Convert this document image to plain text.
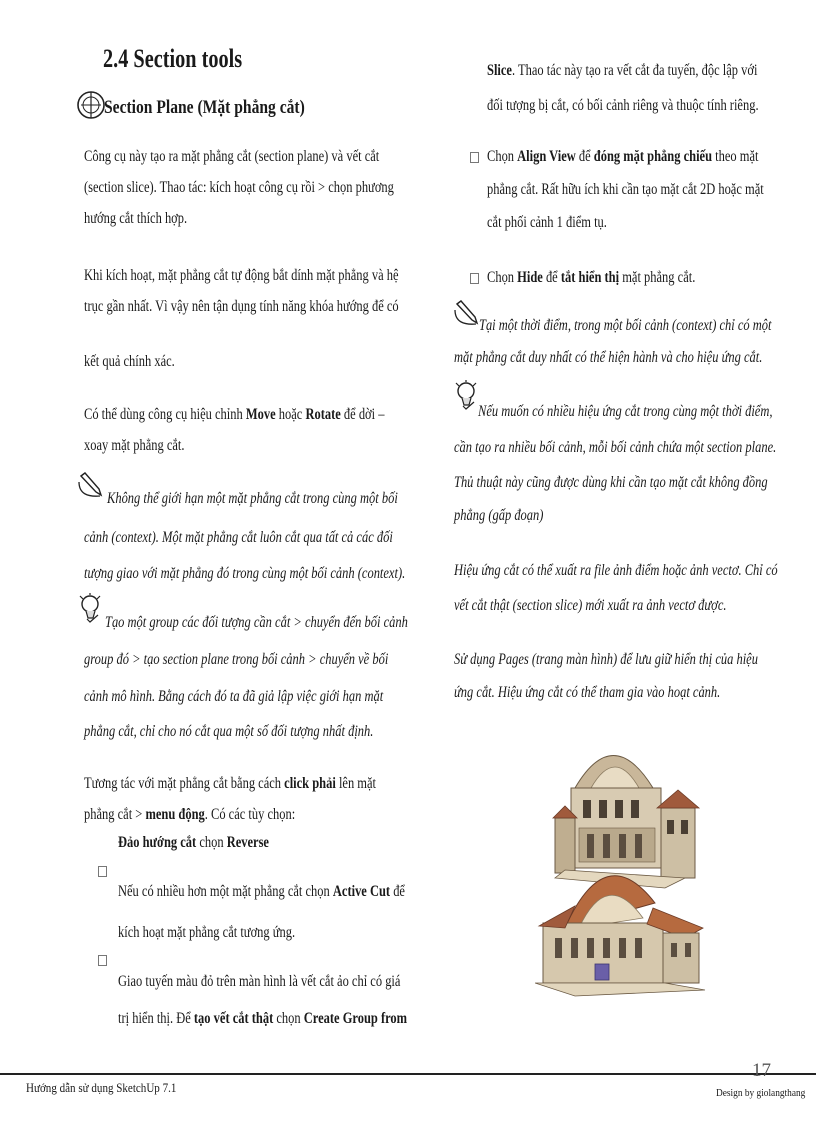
2.4 Section tools
Section Plane (Mặt phẳng cắt)
Công cụ này tạo ra mặt phẳng cắt (section plane) và vết cắt
(section slice). Thao tác: kích hoạt công cụ rồi > chọn phương
hướng cắt thích hợp.
Khi kích hoạt, mặt phẳng cắt tự động bắt dính mặt phẳng và hệ
trục gần nhất. Vì vậy nên tận dụng tính năng khóa hướng để có
kết quả chính xác.
Có thể dùng công cụ hiệu chỉnh Move hoặc Rotate để dời –
xoay mặt phẳng cắt.
Không thể giới hạn một mặt phẳng cắt trong cùng một bối
cảnh (context). Một mặt phẳng cắt luôn cắt qua tất cả các đối
tượng giao với mặt phẳng đó trong cùng một bối cảnh (context).
Tạo một group các đối tượng cần cắt > chuyển đến bối cảnh
group đó > tạo section plane trong bối cảnh > chuyển về bối
cảnh mô hình. Bằng cách đó ta đã giả lập việc giới hạn mặt
phẳng cắt, chỉ cho nó cắt qua một số đối tượng nhất định.
Tương tác với mặt phẳng cắt bằng cách click phải lên mặt
phẳng cắt > menu động. Có các tùy chọn:
Đảo hướng cắt chọn Reverse
Nếu có nhiều hơn một mặt phẳng cắt chọn Active Cut để
kích hoạt mặt phẳng cắt tương ứng.
Giao tuyến màu đỏ trên màn hình là vết cắt ảo chỉ có giá
trị hiển thị. Để tạo vết cắt thật chọn Create Group from
Slice. Thao tác này tạo ra vết cắt đa tuyến, độc lập với
đối tượng bị cắt, có bối cảnh riêng và thuộc tính riêng.
Chọn Align View để đóng mặt phẳng chiếu theo mặt
phẳng cắt. Rất hữu ích khi cần tạo mặt cắt 2D hoặc mặt
cắt phối cảnh 1 điểm tụ.
Chọn Hide để tắt hiển thị mặt phẳng cắt.
Tại một thời điểm, trong một bối cảnh (context) chỉ có một
mặt phẳng cắt duy nhất có thể hiện hành và cho hiệu ứng cắt.
Nếu muốn có nhiều hiệu ứng cắt trong cùng một thời điểm,
cần tạo ra nhiều bối cảnh, mỗi bối cảnh chứa một section plane.
Thủ thuật này cũng được dùng khi cần tạo mặt cắt không đồng
phẳng (gấp đoạn)
Hiệu ứng cắt có thể xuất ra file ảnh điểm hoặc ảnh vectơ. Chỉ có
vết cắt thật (section slice) mới xuất ra ảnh vectơ được.
Sử dụng Pages (trang màn hình) để lưu giữ hiển thị của hiệu
ứng cắt. Hiệu ứng cắt có thể tham gia vào hoạt cảnh.
17
Hướng dẫn sử dụng SketchUp 7.1	Design by giolangthang
